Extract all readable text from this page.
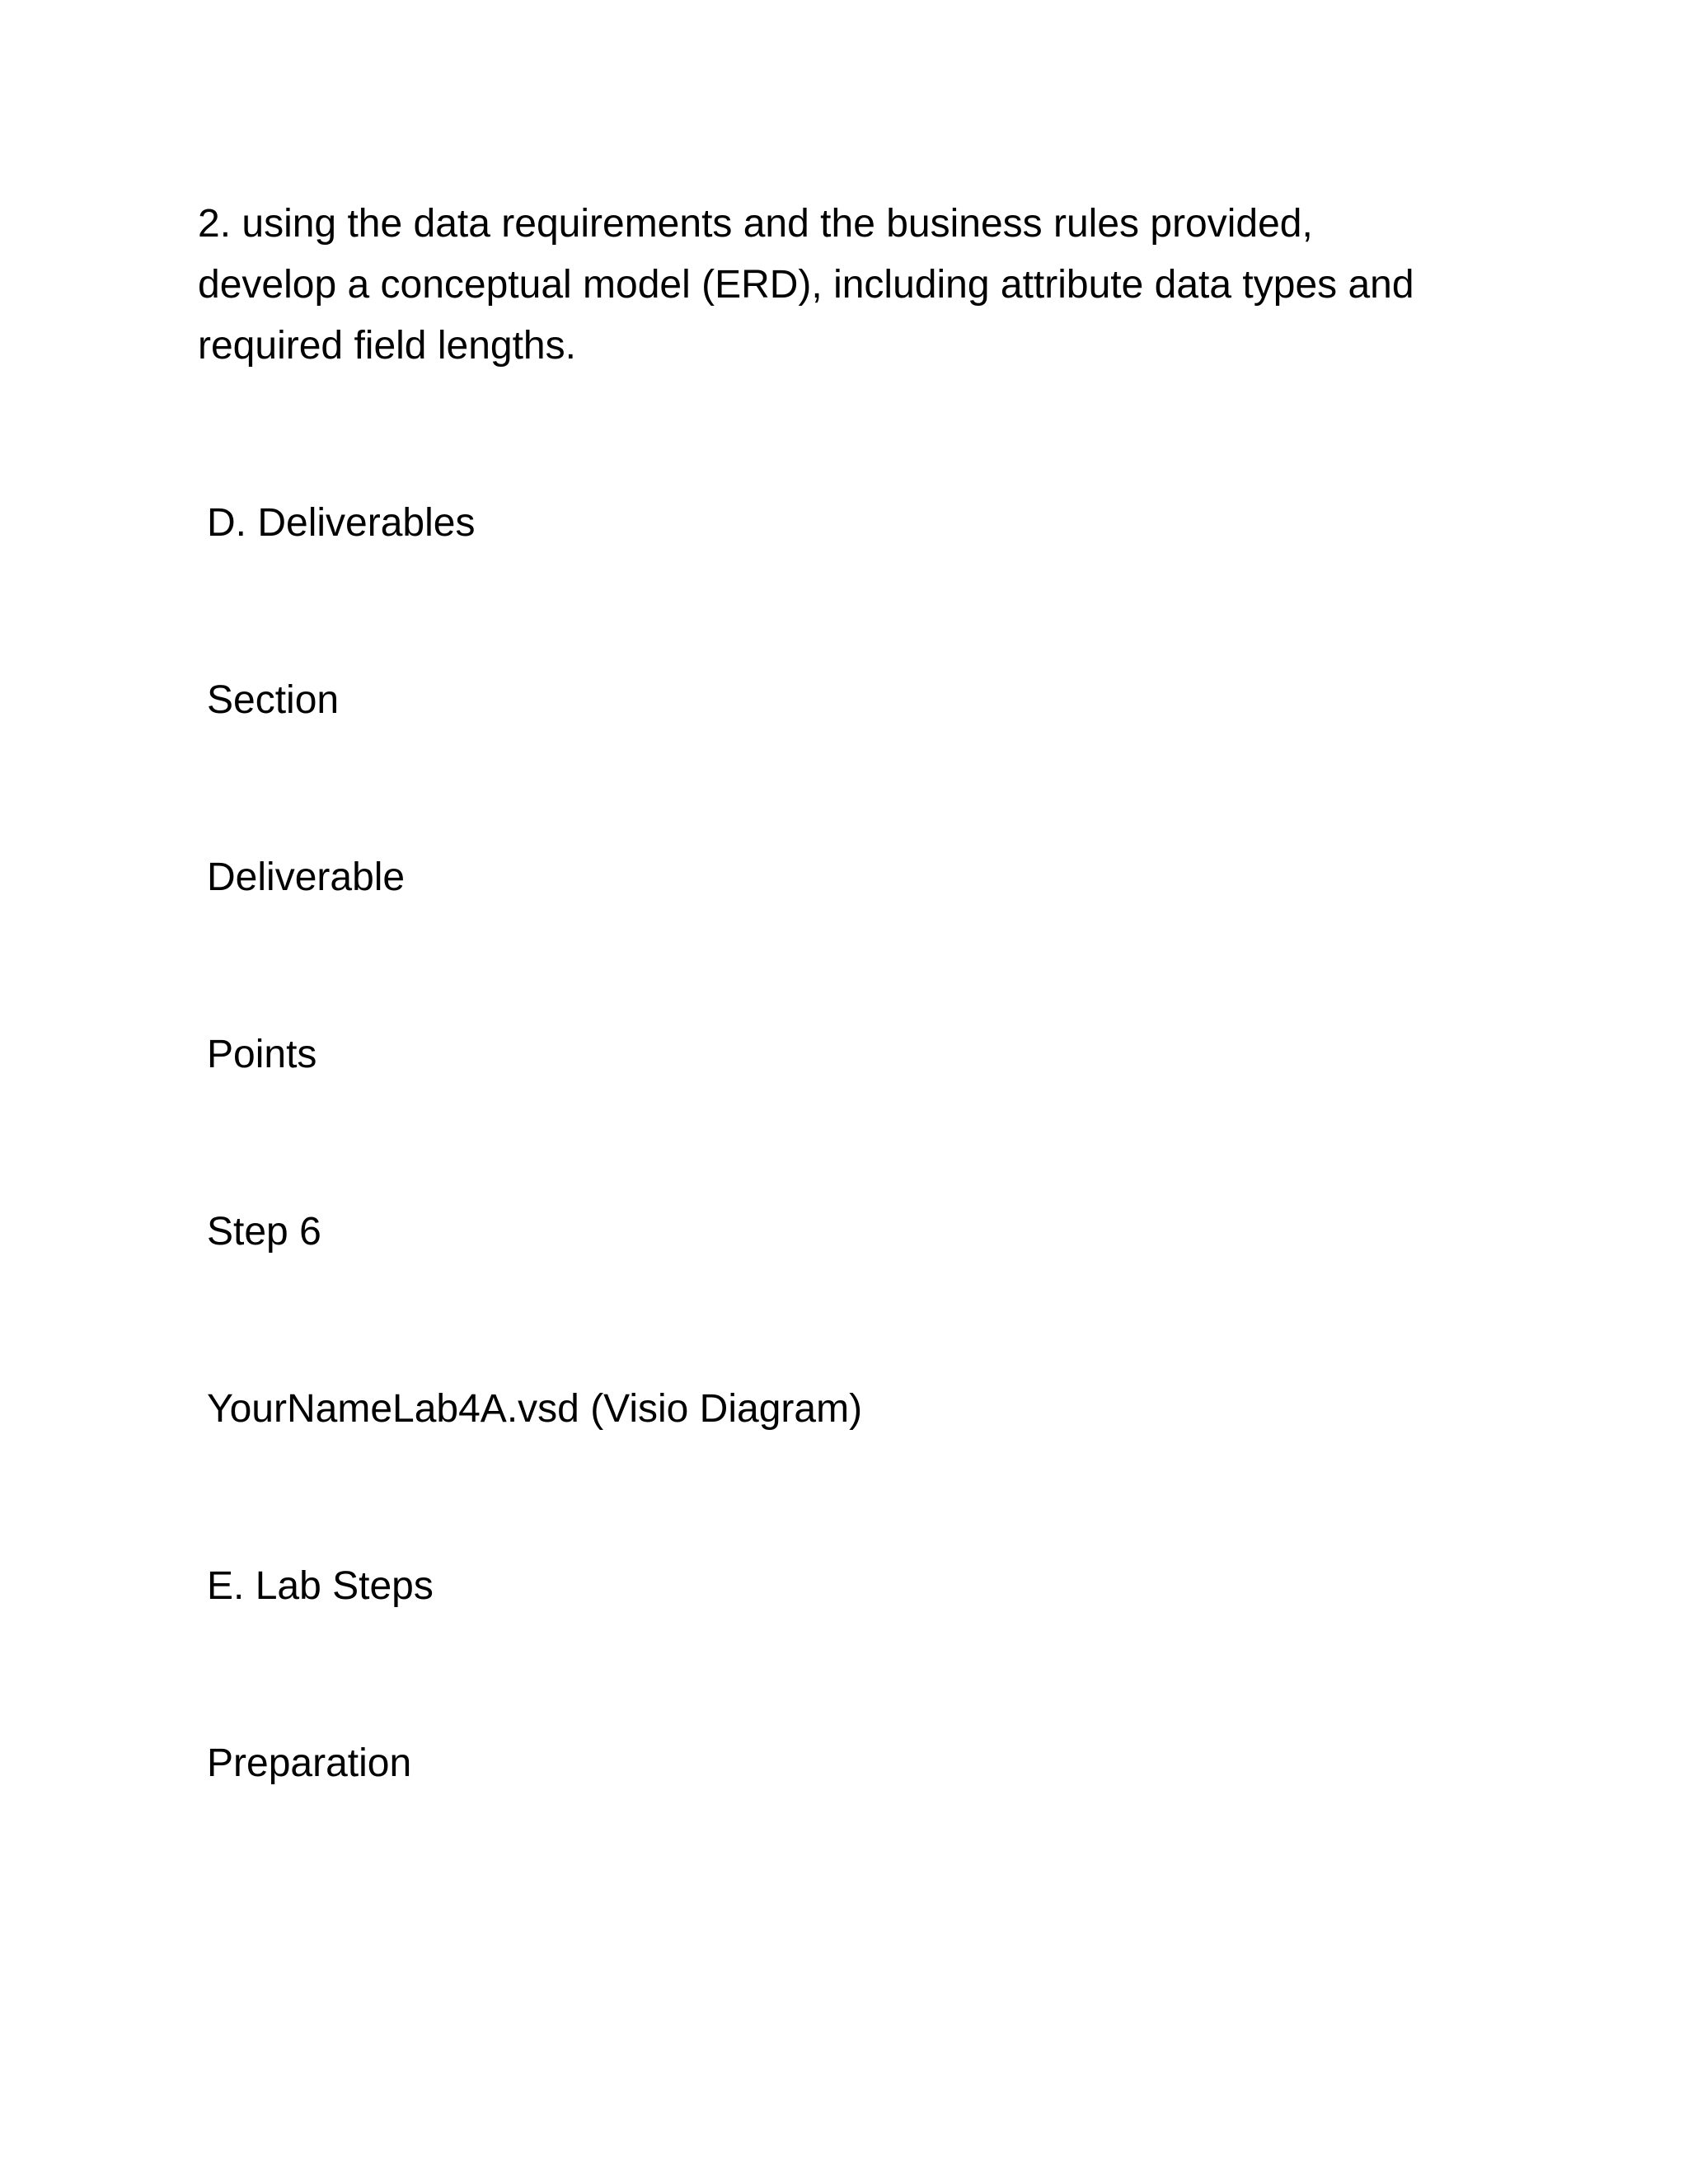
2. using the data requirements and the business rules provided,

develop a conceptual model (ERD), including attribute data types and

required field lengths.

D. Deliverables

Section

Deliverable

Points

Step 6

YourNameLab4A.vsd (Visio Diagram)

E. Lab Steps

Preparation
